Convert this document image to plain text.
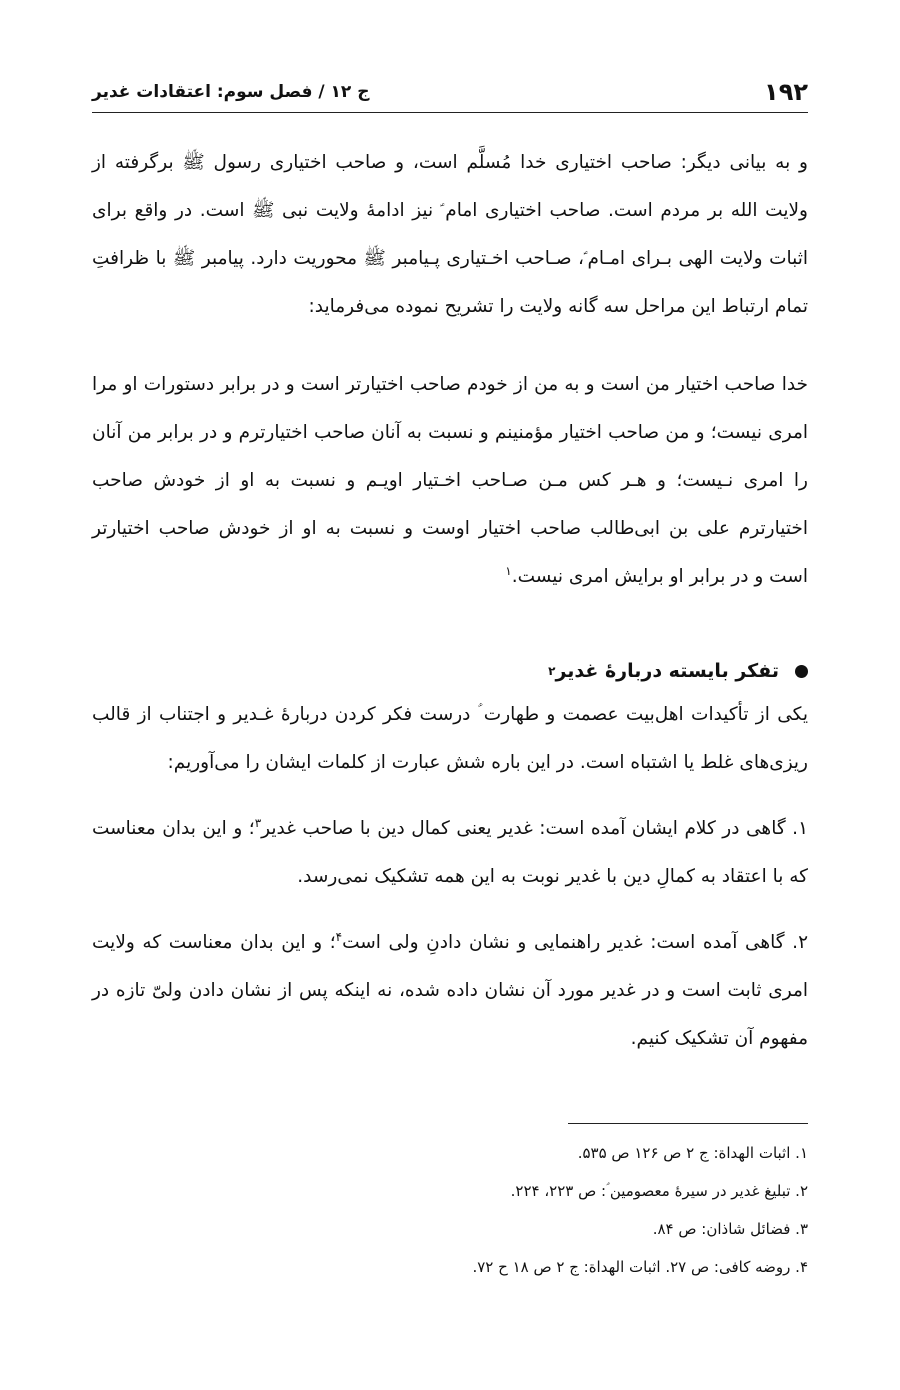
۱۹۲
ج ۱۲ / فصل سوم: اعتقادات غدیر

و به بیانی دیگر: صاحب اختیاری خدا مُسلَّم است، و صاحب اختیاری رسول ﷺ برگرفته از ولایت الله بر مردم است. صاحب اختیاری امام ؑ نیز ادامهٔ ولایت نبی ﷺ است. در واقع برای اثبات ولایت الهی بـرای امـام ؑ، صـاحب اخـتیاری پـیامبر ﷺ محوریت دارد. پیامبر ﷺ با ظرافتِ تمام ارتباط این مراحل سه گانه ولایت را تشریح نموده می‌فرماید:

خدا صاحب اختیار من است و به من از خودم صاحب اختیارتر است و در برابر دستورات او مرا امری نیست؛ و من صاحب اختیار مؤمنینم و نسبت به آنان صاحب اختیارترم و در برابر من آنان را امری نـیست؛ و هـر کس مـن صـاحب اخـتیار اویـم و نسبت به او از خودش صاحب اختیارترم علی بن ابی‌طالب صاحب اختیار اوست و نسبت به او از خودش صاحب اختیارتر است و در برابر او برایش امری نیست.$^۱$

تفکر بایسته دربارهٔ غدیر
۲

یکی از تأکیدات اهل‌بیت عصمت و طهارت ؑ درست فکر کردن دربارهٔ غـدیر و اجتناب از قالب ریزی‌های غلط یا اشتباه است. در این باره شش عبارت از کلمات ایشان را می‌آوریم:

۱. گاهی در کلام ایشان آمده است: غدیر یعنی کمال دین با صاحب غدیر$^۳$؛ و این بدان معناست که با اعتقاد به کمالِ دین با غدیر نوبت به این همه تشکیک نمی‌رسد.

۲. گاهی آمده است: غدیر راهنمایی و نشان دادنِ ولی است$^۴$؛ و این بدان معناست که ولایت امری ثابت است و در غدیر مورد آن نشان داده شده، نه اینکه پس از نشان دادن ولیّ تازه در مفهوم آن تشکیک کنیم.

۱. اثبات الهداة: ج ۲ ص ۱۲۶ ص ۵۳۵.

۲. تبلیغ غدیر در سیرهٔ معصومین ؑ: ص ۲۲۳، ۲۲۴.

۳. فضائل شاذان: ص ۸۴.

۴. روضه کافی: ص ۲۷. اثبات الهداة: ج ۲ ص ۱۸ ح ۷۲.
